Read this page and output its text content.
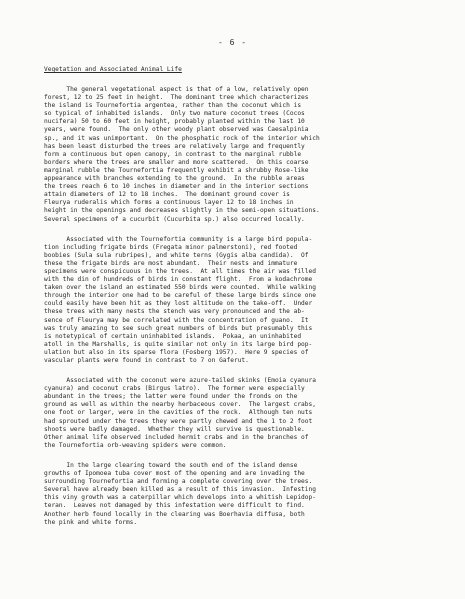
- 6 -
Vegetation and Associated Animal Life
The general vegetational aspect is that of a low, relatively open
forest, 12 to 25 feet in height.  The dominant tree which characterizes
the island is Tournefortia argentea, rather than the coconut which is
so typical of inhabited islands.  Only two mature coconut trees (Cocos
nucifera) 50 to 60 feet in height, probably planted within the last 10
years, were found.  The only other woody plant observed was Caesalpinia
sp., and it was unimportant.  On the phosphatic rock of the interior which
has been least disturbed the trees are relatively large and frequently
form a continuous but open canopy, in contrast to the marginal rubble
borders where the trees are smaller and more scattered.  On this coarse
marginal rubble the Tournefortia frequently exhibit a shrubby Rose-like
appearance with branches extending to the ground.  In the rubble areas
the trees reach 6 to 10 inches in diameter and in the interior sections
attain diameters of 12 to 18 inches.  The dominant ground cover is
Fleurya ruderalis which forms a continuous layer 12 to 18 inches in
height in the openings and decreases slightly in the semi-open situations.
Several specimens of a cucurbit (Cucurbita sp.) also occurred locally.
Associated with the Tournefortia community is a large bird popula-
tion including frigate birds (Fregata minor palmerstoni), red footed
boobies (Sula sula rubripes), and white terns (Gygis alba candida).  Of
these the frigate birds are most abundant.  Their nests and immature
specimens were conspicuous in the trees.  At all times the air was filled
with the din of hundreds of birds in constant flight.  From a kodachrome
taken over the island an estimated 550 birds were counted.  While walking
through the interior one had to be careful of these large birds since one
could easily have been hit as they lost altitude on the take-off.  Under
these trees with many nests the stench was very pronounced and the ab-
sence of Fleurya may be correlated with the concentration of guano.  It
was truly amazing to see such great numbers of birds but presumably this
is notetypical of certain uninhabited islands.  Pokaa, an uninhabited
atoll in the Marshalls, is quite similar not only in its large bird pop-
ulation but also in its sparse flora (Fosberg 1957).  Here 9 species of
vascular plants were found in contrast to 7 on Gaferut.
Associated with the coconut were azure-tailed skinks (Emoia cyanura
cyanura) and coconut crabs (Birgus latro).  The former were especially
abundant in the trees; the latter were found under the fronds on the
ground as well as within the nearby herbaceous cover.  The largest crabs,
one foot or larger, were in the cavities of the rock.  Although ten nuts
had sprouted under the trees they were partly chewed and the 1 to 2 foot
shoots were badly damaged.  Whether they will survive is questionable.
Other animal life observed included hermit crabs and in the branches of
the Tournefortia orb-weaving spiders were common.
In the large clearing toward the south end of the island dense
growths of Ipomoea tuba cover most of the opening and are invading the
surrounding Tournefortia and forming a complete covering over the trees.
Several have already been killed as a result of this invasion.  Infesting
this viny growth was a caterpillar which develops into a whitish Lepidop-
teran.  Leaves not damaged by this infestation were difficult to find.
Another herb found locally in the clearing was Boerhavia diffusa, both
the pink and white forms.
